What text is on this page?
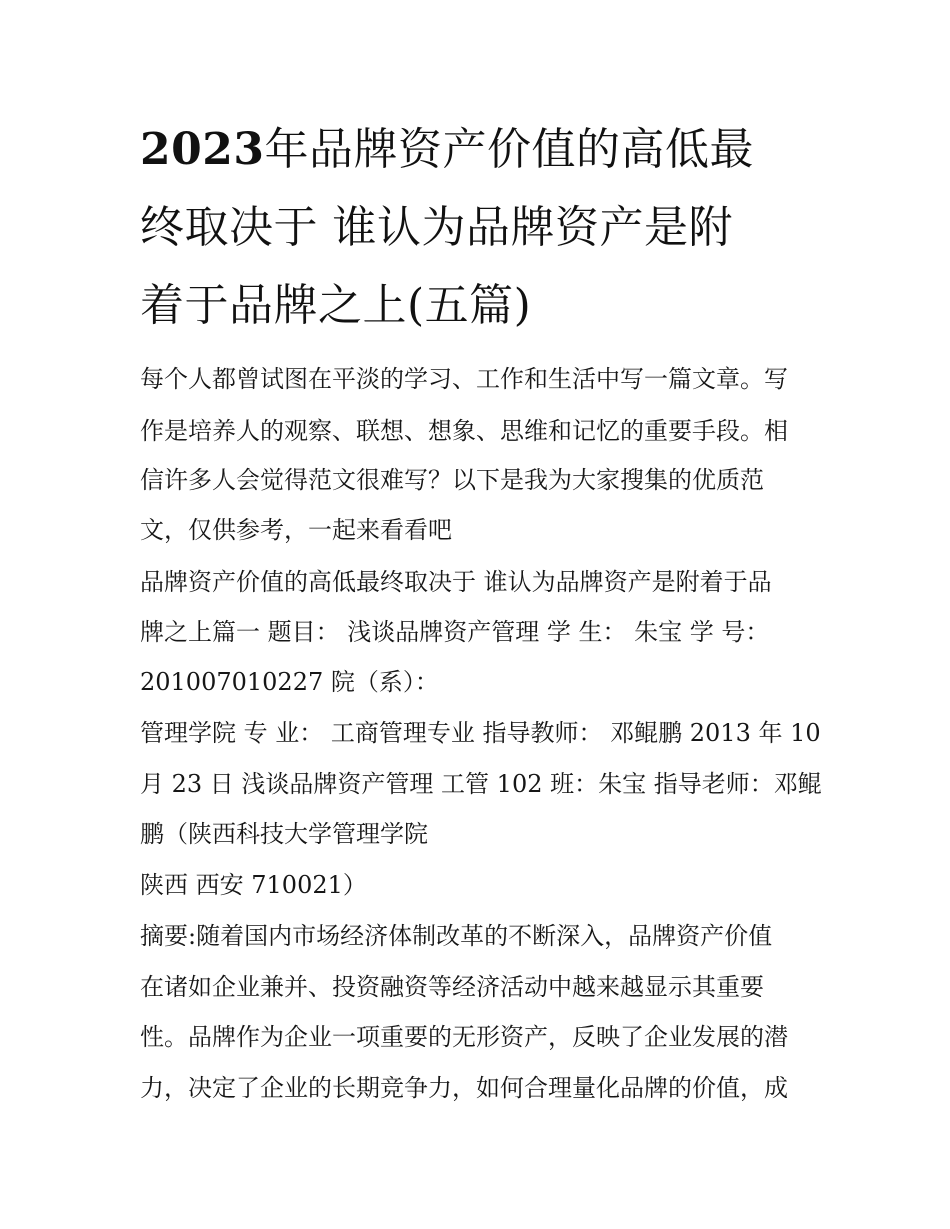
2023年品牌资产价值的高低最
终取决于 谁认为品牌资产是附
着于品牌之上(五篇)
每个人都曾试图在平淡的学习、工作和生活中写一篇文章。写
作是培养人的观察、联想、想象、思维和记忆的重要手段。相
信许多人会觉得范文很难写？以下是我为大家搜集的优质范
文，仅供参考，一起来看看吧
品牌资产价值的高低最终取决于 谁认为品牌资产是附着于品
牌之上篇一 题目： 浅谈品牌资产管理 学 生： 朱宝 学 号：
201007010227 院（系）：
管理学院 专 业： 工商管理专业 指导教师： 邓鲲鹏 2013 年 10
月 23 日 浅谈品牌资产管理 工管 102 班：朱宝 指导老师：邓鲲
鹏（陕西科技大学管理学院
陕西 西安 710021）
摘要:随着国内市场经济体制改革的不断深入，品牌资产价值
在诸如企业兼并、投资融资等经济活动中越来越显示其重要
性。品牌作为企业一项重要的无形资产，反映了企业发展的潜
力，决定了企业的长期竞争力，如何合理量化品牌的价值，成
